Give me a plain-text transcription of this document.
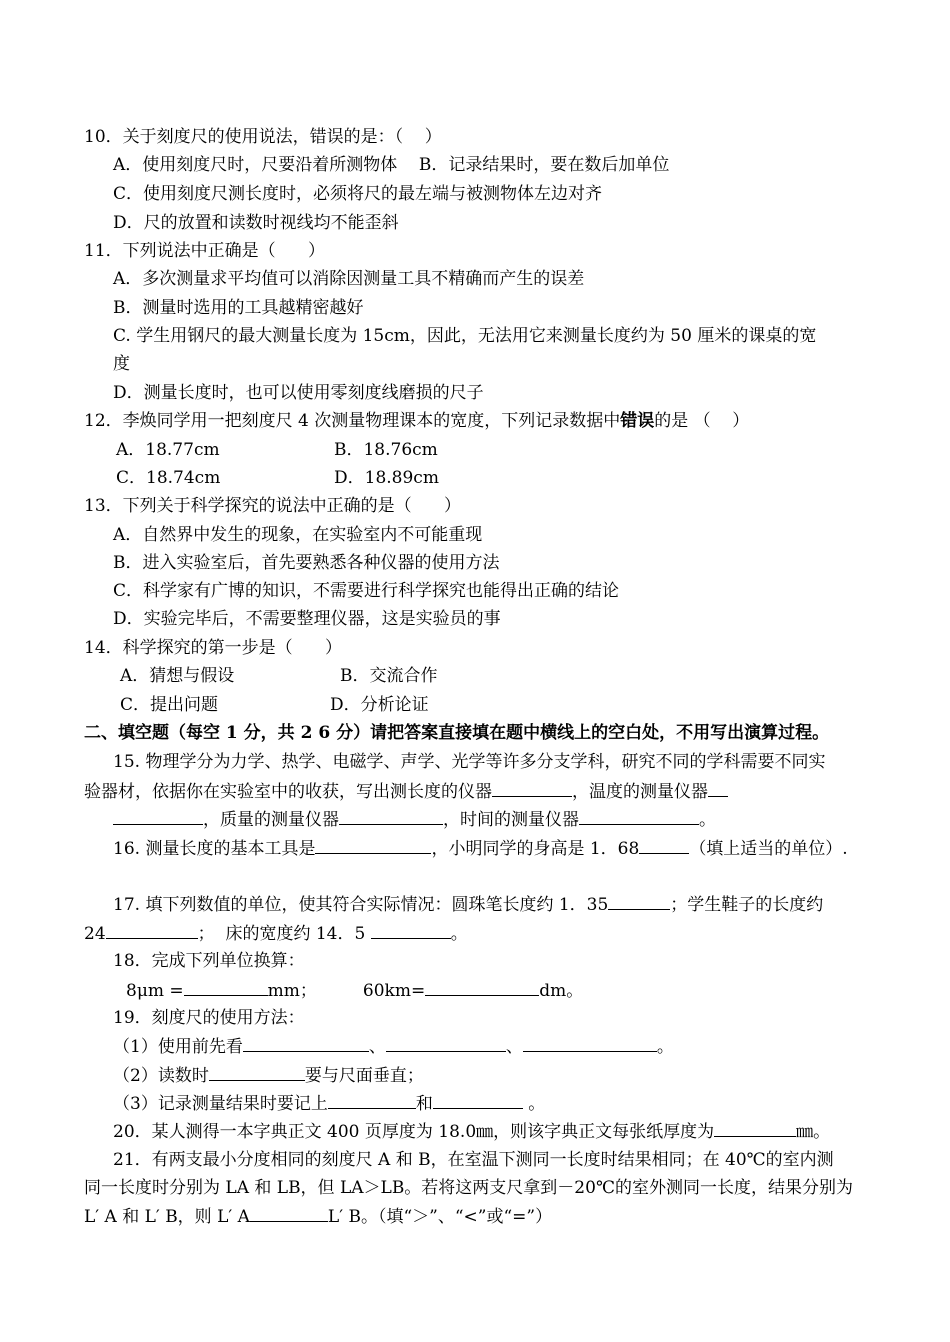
10．关于刻度尺的使用说法，错误的是：（    ）
A．使用刻度尺时，尺要沿着所测物体    B．记录结果时，要在数后加单位
C．使用刻度尺测长度时，必须将尺的最左端与被测物体左边对齐
D．尺的放置和读数时视线均不能歪斜
11．下列说法中正确是（      ）
A．多次测量求平均值可以消除因测量工具不精确而产生的误差
B．测量时选用的工具越精密越好
C. 学生用钢尺的最大测量长度为 15cm，因此，无法用它来测量长度约为 50 厘米的课桌的宽
度
D．测量长度时，也可以使用零刻度线磨损的尺子
12．李焕同学用一把刻度尺 4 次测量物理课本的宽度，下列记录数据中错误的是 （    ）
A．18.77cm	B．18.76cm
C．18.74cm	D．18.89cm
13．下列关于科学探究的说法中正确的是（      ）
A．自然界中发生的现象，在实验室内不可能重现
B．进入实验室后，首先要熟悉各种仪器的使用方法
C．科学家有广博的知识，不需要进行科学探究也能得出正确的结论
D．实验完毕后，不需要整理仪器，这是实验员的事
14．科学探究的第一步是（      ）
A．猜想与假设	B．交流合作
C．提出问题	D．分析论证
二、填空题（每空 1 分，共 2 6 分）请把答案直接填在题中横线上的空白处，不用写出演算过程。
15. 物理学分为力学、热学、电磁学、声学、光学等许多分支学科，研究不同的学科需要不同实
验器材，依据你在实验室中的收获，写出测长度的仪器	，温度的测量仪器
，质量的测量仪器	，时间的测量仪器	。
16. 测量长度的基本工具是	，小明同学的身高是 1．68	（填上适当的单位）.
17. 填下列数值的单位，使其符合实际情况：圆珠笔长度约 1．35	；学生鞋子的长度约
24	；  床的宽度约 14．5	。
18．完成下列单位换算：
8μm =	mm；	60km=	dm。
19．刻度尺的使用方法：
（1）使用前先看	、	、	。
（2）读数时	要与尺面垂直；
（3）记录测量结果时要记上	和	。
20．某人测得一本字典正文 400 页厚度为 18.0㎜，则该字典正文每张纸厚度为	㎜。
21．有两支最小分度相同的刻度尺 A 和 B，在室温下测同一长度时结果相同；在 40℃的室内测
同一长度时分别为 LA 和 LB，但 LA＞LB。若将这两支尺拿到－20℃的室外测同一长度，结果分别为
L′ A 和 L′ B，则 L′ A	L′ B。（填“＞”、“<”或“=”）
